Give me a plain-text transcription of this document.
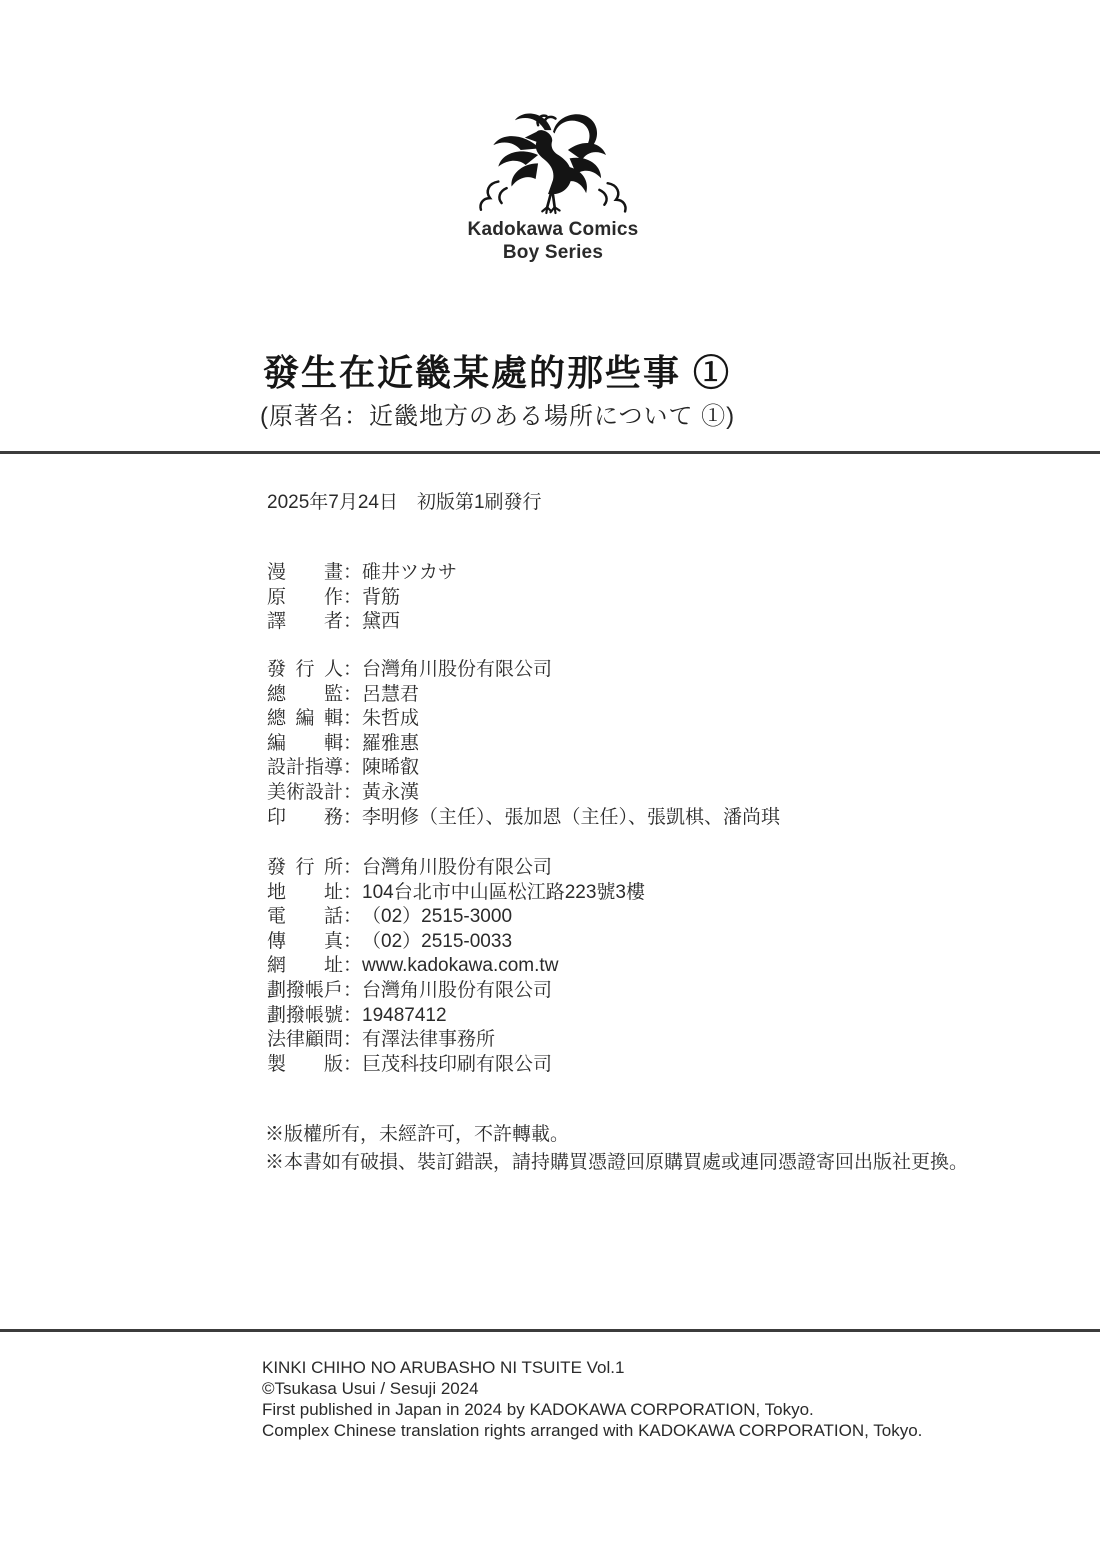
Kadokawa Comics
Boy Series
發生在近畿某處的那些事 ①
(原著名：近畿地方のある場所について ①)
2025年7月24日　初版第1刷發行
漫畫：碓井ツカサ
原作：背筋
譯者：黛西
發行人：台灣角川股份有限公司
總監：呂慧君
總編輯：朱哲成
編輯：羅雅惠
設計指導：陳晞叡
美術設計：黃永漢
印務：李明修（主任）、張加恩（主任）、張凱棋、潘尚琪
發行所：台灣角川股份有限公司
地址：104台北市中山區松江路223號3樓
電話：（02）2515-3000
傳真：（02）2515-0033
網址：www.kadokawa.com.tw
劃撥帳戶：台灣角川股份有限公司
劃撥帳號：19487412
法律顧問：有澤法律事務所
製版：巨茂科技印刷有限公司
※版權所有，未經許可，不許轉載。
※本書如有破損、裝訂錯誤，請持購買憑證回原購買處或連同憑證寄回出版社更換。
KINKI CHIHO NO ARUBASHO NI TSUITE Vol.1
©Tsukasa Usui / Sesuji 2024
First published in Japan in 2024 by KADOKAWA CORPORATION, Tokyo.
Complex Chinese translation rights arranged with KADOKAWA CORPORATION, Tokyo.
